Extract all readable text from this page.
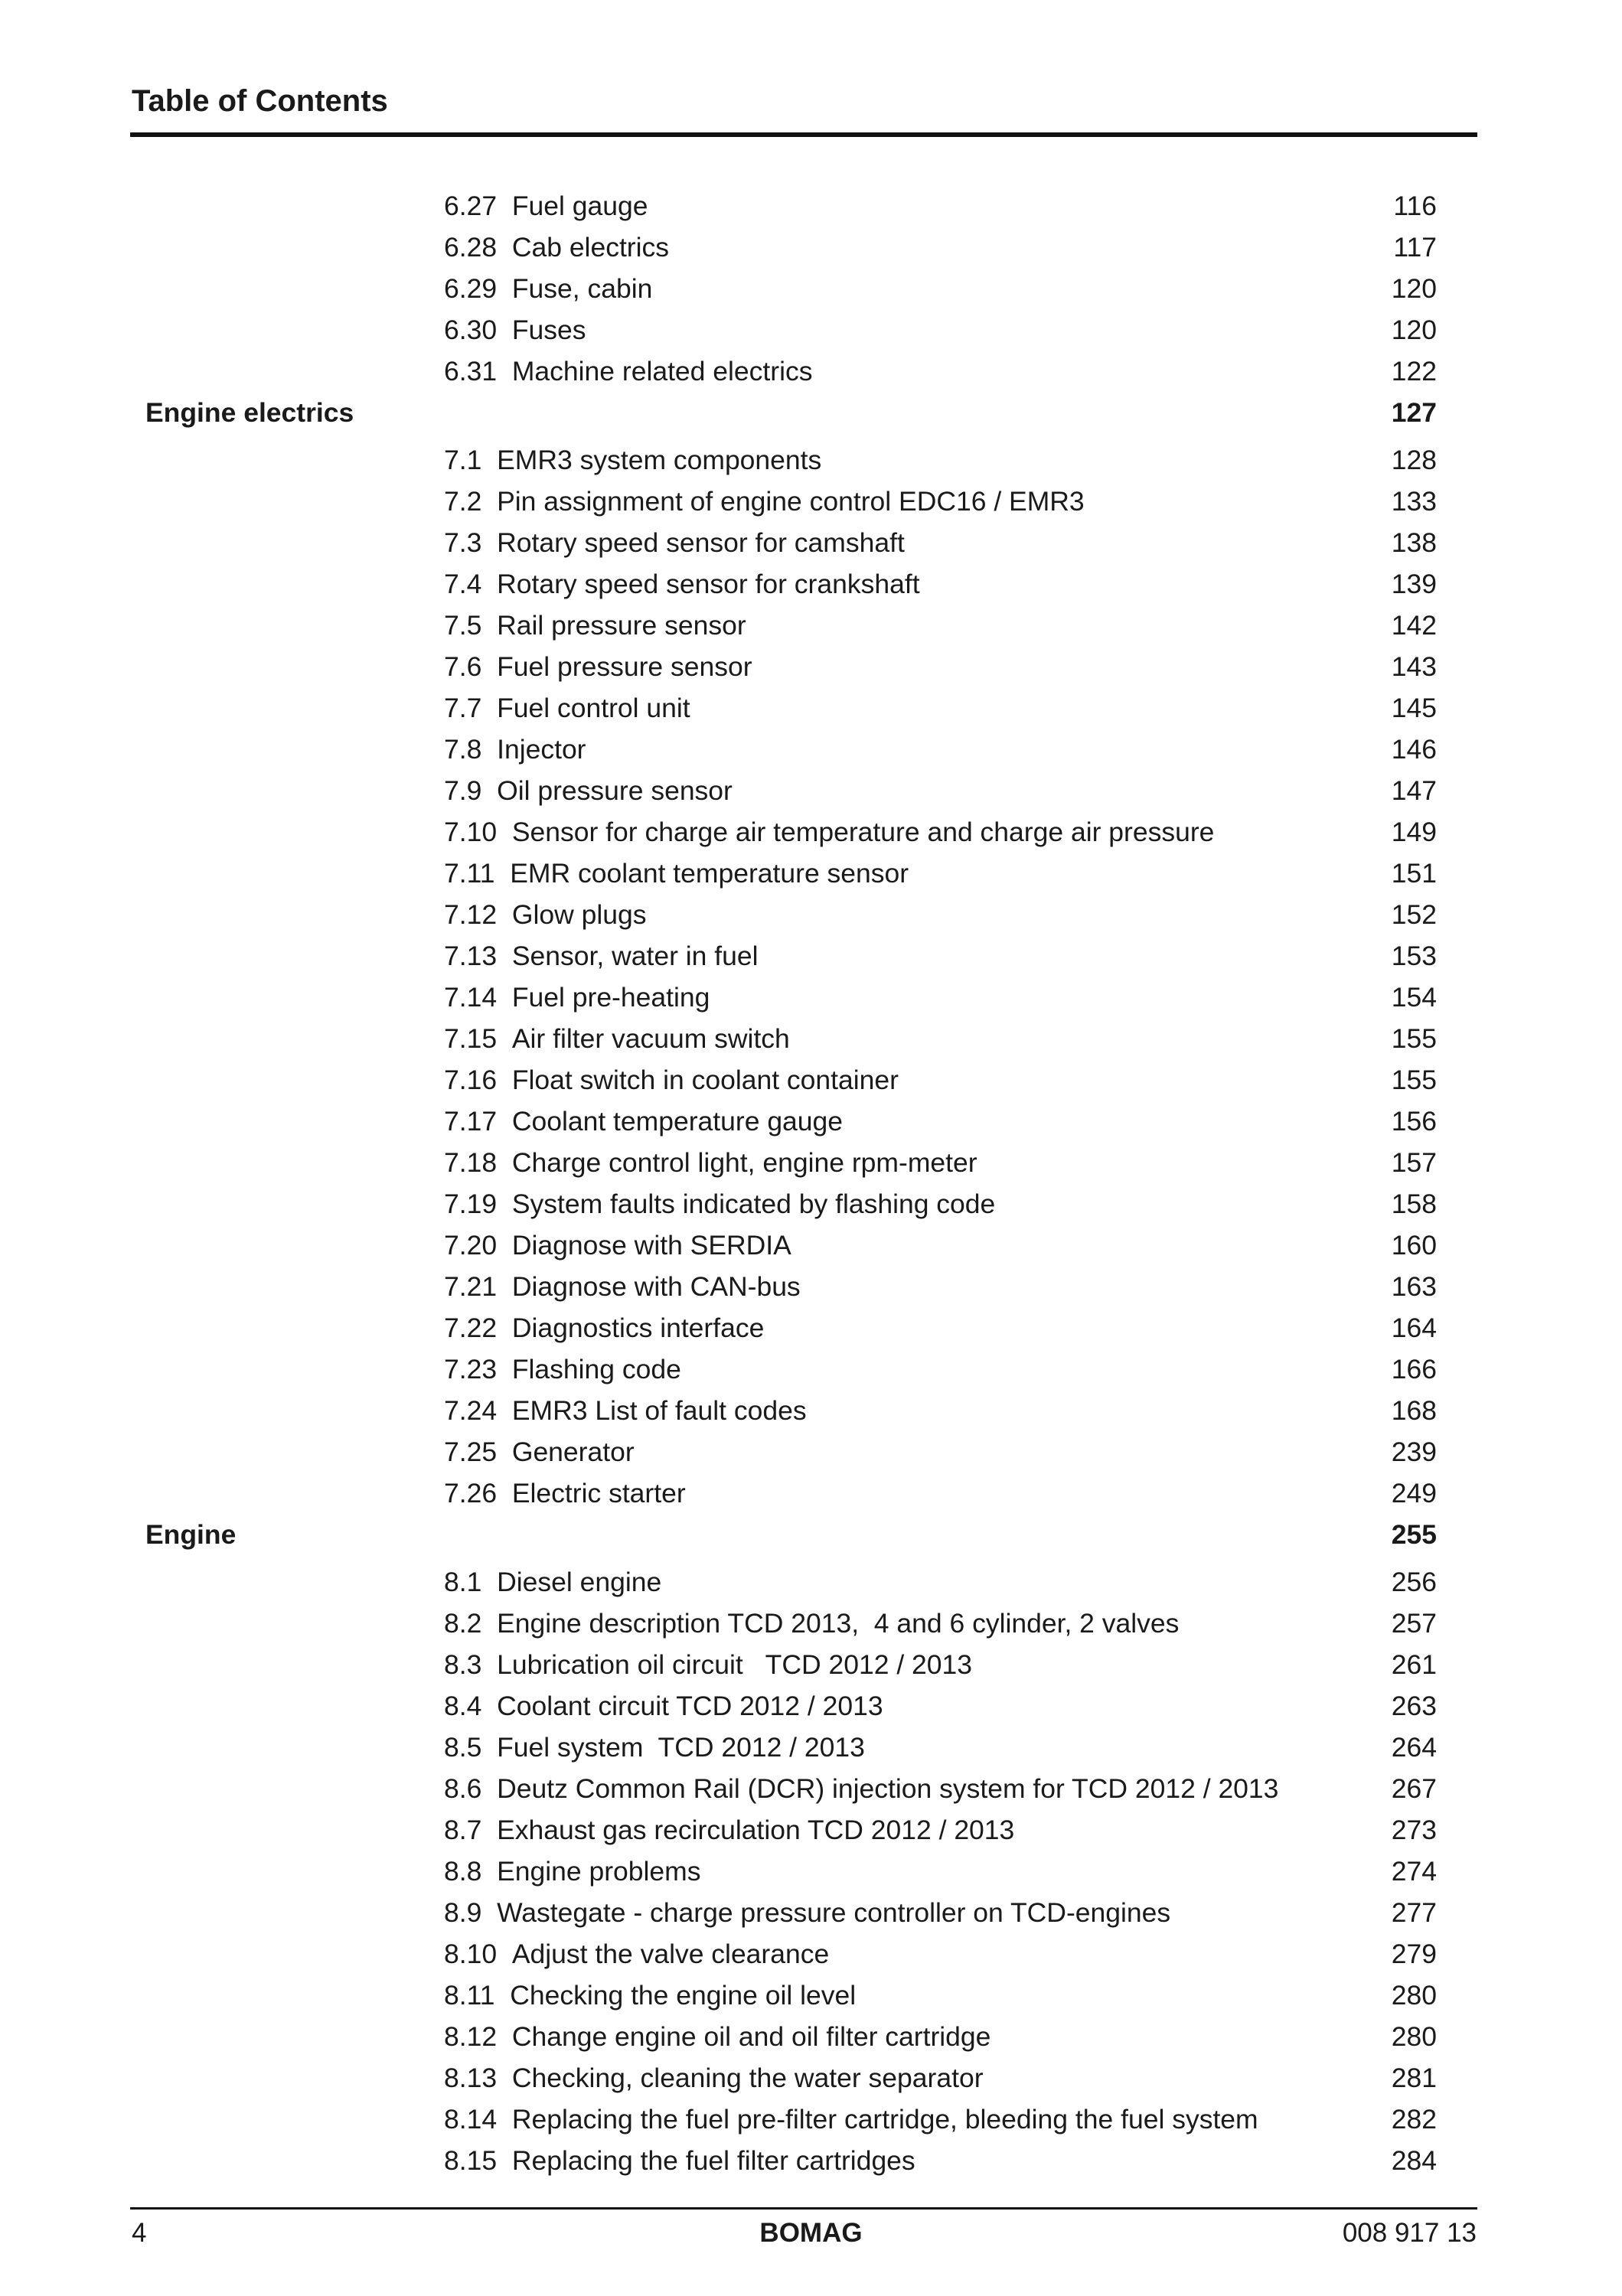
Table of Contents
6.27 Fuel gauge	116
6.28 Cab electrics	117
6.29 Fuse, cabin	120
6.30 Fuses	120
6.31 Machine related electrics	122
Engine electrics	127
7.1 EMR3 system components	128
7.2 Pin assignment of engine control EDC16 / EMR3	133
7.3 Rotary speed sensor for camshaft	138
7.4 Rotary speed sensor for crankshaft	139
7.5 Rail pressure sensor	142
7.6 Fuel pressure sensor	143
7.7 Fuel control unit	145
7.8 Injector	146
7.9 Oil pressure sensor	147
7.10 Sensor for charge air temperature and charge air pressure	149
7.11 EMR coolant temperature sensor	151
7.12 Glow plugs	152
7.13 Sensor, water in fuel	153
7.14 Fuel pre-heating	154
7.15 Air filter vacuum switch	155
7.16 Float switch in coolant container	155
7.17 Coolant temperature gauge	156
7.18 Charge control light, engine rpm-meter	157
7.19 System faults indicated by flashing code	158
7.20 Diagnose with SERDIA	160
7.21 Diagnose with CAN-bus	163
7.22 Diagnostics interface	164
7.23 Flashing code	166
7.24 EMR3 List of fault codes	168
7.25 Generator	239
7.26 Electric starter	249
Engine	255
8.1 Diesel engine	256
8.2 Engine description TCD 2013,  4 and 6 cylinder, 2 valves	257
8.3 Lubrication oil circuit   TCD 2012 / 2013	261
8.4 Coolant circuit TCD 2012 / 2013	263
8.5 Fuel system  TCD 2012 / 2013	264
8.6 Deutz Common Rail (DCR) injection system for TCD 2012 / 2013	267
8.7 Exhaust gas recirculation TCD 2012 / 2013	273
8.8 Engine problems	274
8.9 Wastegate - charge pressure controller on TCD-engines	277
8.10 Adjust the valve clearance	279
8.11 Checking the engine oil level	280
8.12 Change engine oil and oil filter cartridge	280
8.13 Checking, cleaning the water separator	281
8.14 Replacing the fuel pre-filter cartridge, bleeding the fuel system	282
8.15 Replacing the fuel filter cartridges	284
4	BOMAG	008 917 13
